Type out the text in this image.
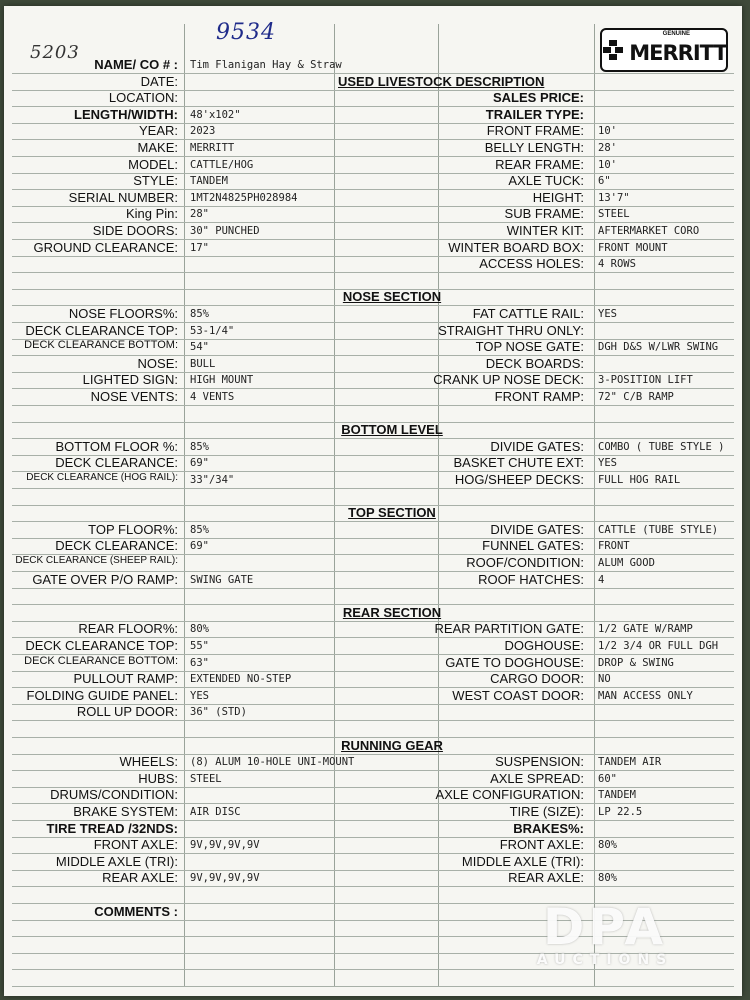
9534
5203
GENUINE
MERRITT
NAME/ CO # : Tim Flanigan Hay & Straw
DATE:	USED LIVESTOCK DESCRIPTION
LOCATION:	SALES PRICE:
LENGTH/WIDTH: 48'x102"	TRAILER TYPE:
YEAR: 2023	FRONT FRAME: 10'
MAKE: MERRITT	BELLY LENGTH: 28'
MODEL: CATTLE/HOG	REAR FRAME: 10'
STYLE: TANDEM	AXLE TUCK: 6"
SERIAL NUMBER: 1MT2N4825PH028984	HEIGHT: 13'7"
King Pin: 28"	SUB FRAME: STEEL
SIDE DOORS: 30" PUNCHED	WINTER KIT: AFTERMARKET CORO
GROUND CLEARANCE: 17"	WINTER BOARD BOX: FRONT MOUNT
ACCESS HOLES: 4 ROWS
NOSE SECTION
NOSE FLOORS%: 85%	FAT CATTLE RAIL: YES
DECK CLEARANCE TOP: 53-1/4"	STRAIGHT THRU ONLY:
DECK CLEARANCE BOTTOM: 54"	TOP NOSE GATE: DGH D&S W/LWR SWING
NOSE: BULL	DECK BOARDS:
LIGHTED SIGN: HIGH MOUNT	CRANK UP NOSE DECK: 3-POSITION LIFT
NOSE VENTS: 4 VENTS	FRONT RAMP: 72" C/B RAMP
BOTTOM LEVEL
BOTTOM FLOOR %: 85%	DIVIDE GATES: COMBO ( TUBE STYLE )
DECK CLEARANCE: 69"	BASKET CHUTE EXT: YES
DECK CLEARANCE (HOG RAIL): 33"/34"	HOG/SHEEP DECKS: FULL HOG RAIL
TOP SECTION
TOP FLOOR%: 85%	DIVIDE GATES: CATTLE (TUBE STYLE)
DECK CLEARANCE: 69"	FUNNEL GATES: FRONT
DECK CLEARANCE (SHEEP RAIL):	ROOF/CONDITION: ALUM GOOD
GATE OVER P/O RAMP: SWING GATE	ROOF HATCHES: 4
REAR SECTION
REAR FLOOR%: 80%	REAR PARTITION GATE: 1/2 GATE W/RAMP
DECK CLEARANCE TOP: 55"	DOGHOUSE: 1/2 3/4 OR FULL DGH
DECK CLEARANCE BOTTOM: 63"	GATE TO DOGHOUSE: DROP & SWING
PULLOUT RAMP: EXTENDED NO-STEP	CARGO DOOR: NO
FOLDING GUIDE PANEL: YES	WEST COAST DOOR: MAN ACCESS ONLY
ROLL UP DOOR: 36" (STD)
RUNNING GEAR
WHEELS: (8) ALUM 10-HOLE UNI-MOUNT	SUSPENSION: TANDEM AIR
HUBS: STEEL	AXLE SPREAD: 60"
DRUMS/CONDITION:	AXLE CONFIGURATION: TANDEM
BRAKE SYSTEM: AIR DISC	TIRE (SIZE): LP 22.5
TIRE TREAD /32NDS:	BRAKES%:
FRONT AXLE: 9V,9V,9V,9V	FRONT AXLE: 80%
MIDDLE AXLE (TRI):	MIDDLE AXLE (TRI):
REAR AXLE: 9V,9V,9V,9V	REAR AXLE: 80%
COMMENTS :	DPA
AUCTIONS
